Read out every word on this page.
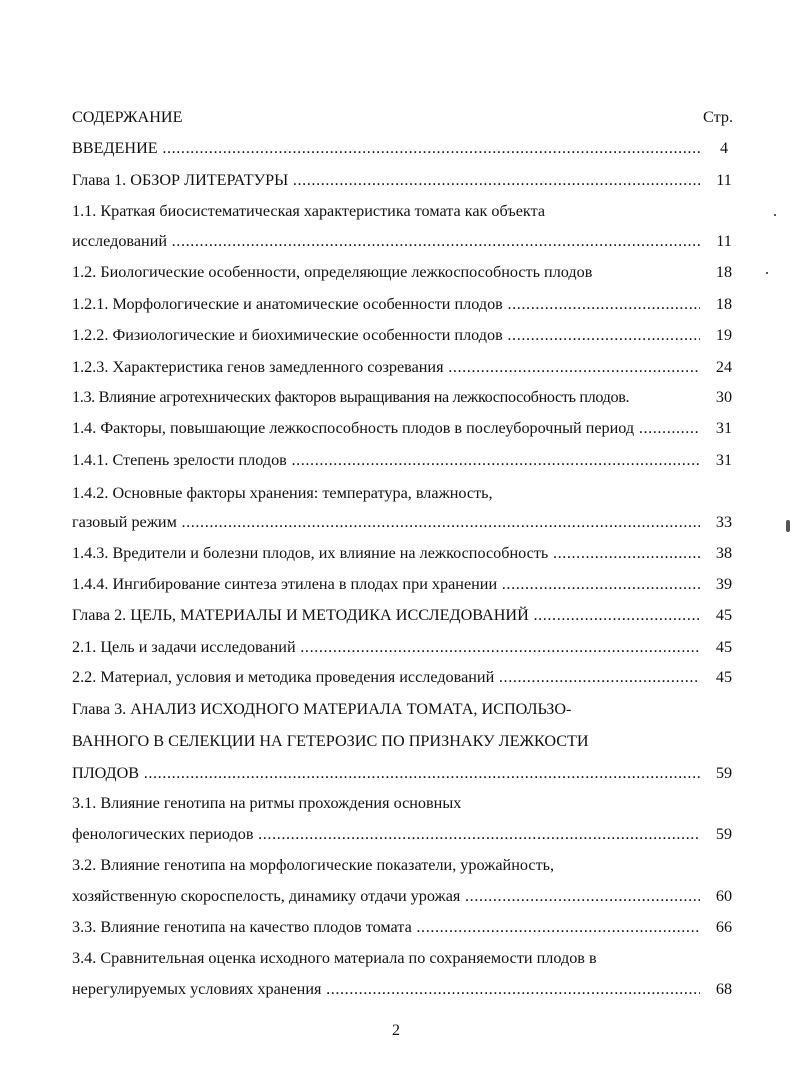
СОДЕРЖАНИЕ	Стр.
ВВЕДЕНИЕ .....	4
Глава 1. ОБЗОР ЛИТЕРАТУРЫ .....	11
1.1. Краткая биосистематическая характеристика томата как объекта
исследований .....	11
1.2. Биологические особенности, определяющие лежкоспособность плодов	18
1.2.1. Морфологические и анатомические особенности плодов .....	18
1.2.2. Физиологические и биохимические особенности плодов .....	19
1.2.3. Характеристика генов замедленного созревания .....	24
1.3. Влияние агротехнических факторов выращивания на лежкоспособность плодов.	30
1.4. Факторы, повышающие лежкоспособность плодов в послеуборочный период .....	31
1.4.1. Степень зрелости плодов .....	31
1.4.2. Основные факторы хранения: температура, влажность,
газовый режим .....	33
1.4.3. Вредители и болезни плодов, их влияние на лежкоспособность .....	38
1.4.4. Ингибирование синтеза этилена в плодах при хранении .....	39
Глава 2. ЦЕЛЬ, МАТЕРИАЛЫ И МЕТОДИКА ИССЛЕДОВАНИЙ .....	45
2.1. Цель и задачи исследований .....	45
2.2. Материал, условия и методика проведения исследований .....	45
Глава 3. АНАЛИЗ ИСХОДНОГО МАТЕРИАЛА ТОМАТА, ИСПОЛЬЗО-
ВАННОГО В СЕЛЕКЦИИ НА ГЕТЕРОЗИС ПО ПРИЗНАКУ ЛЕЖКОСТИ
ПЛОДОВ .....	59
3.1. Влияние генотипа на ритмы прохождения основных
фенологических периодов .....	59
3.2. Влияние генотипа на морфологические показатели, урожайность,
хозяйственную скороспелость, динамику отдачи урожая .....	60
3.3. Влияние генотипа на качество плодов томата .....	66
3.4. Сравнительная оценка исходного материала по сохраняемости плодов в
нерегулируемых условиях хранения .....	68
2
